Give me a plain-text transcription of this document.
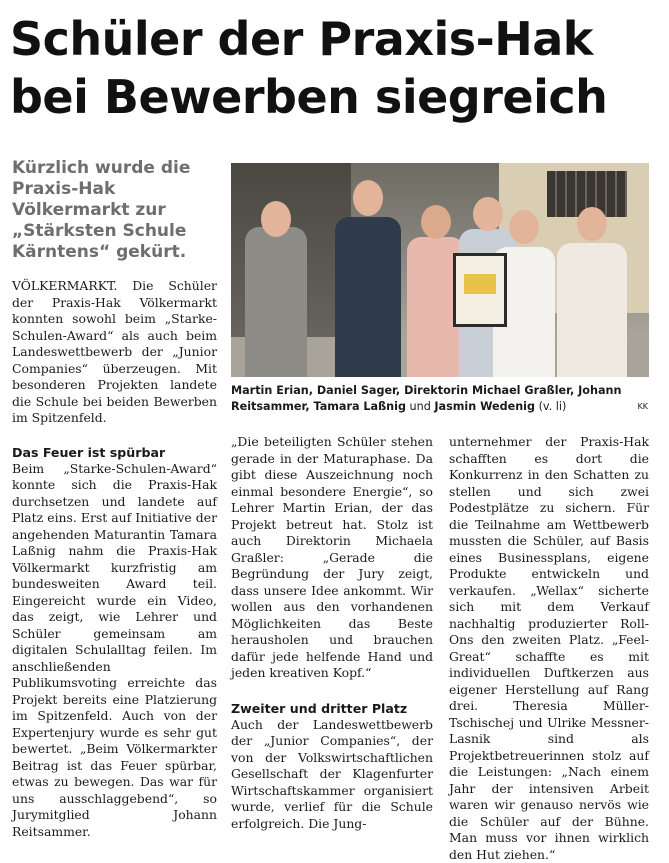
Schüler der Praxis-Hak bei Bewerben siegreich

Kürzlich wurde die Praxis-Hak Völkermarkt zur „Stärksten Schule Kärntens“ gekürt.

VÖLKERMARKT. Die Schüler der Praxis-Hak Völkermarkt konnten sowohl beim „Starke-Schulen-Award“ als auch beim Landeswettbewerb der „Junior Companies“ überzeugen. Mit besonderen Projekten landete die Schule bei beiden Bewerben im Spitzenfeld.

Das Feuer ist spürbar

Beim „Starke-Schulen-Award“ konnte sich die Praxis-Hak durchsetzen und landete auf Platz eins. Erst auf Initiative der angehenden Maturantin Tamara Laßnig nahm die Praxis-Hak Völkermarkt kurzfristig am bundesweiten Award teil. Eingereicht wurde ein Video, das zeigt, wie Lehrer und Schüler gemeinsam am digitalen Schulalltag feilen. Im anschließenden Publikumsvoting erreichte das Projekt bereits eine Platzierung im Spitzenfeld. Auch von der Expertenjury wurde es sehr gut bewertet. „Beim Völkermarkter Beitrag ist das Feuer spürbar, etwas zu bewegen. Das war für uns ausschlaggebend“, so Jurymitglied Johann Reitsammer.

Martin Erian, Daniel Sager, Direktorin Michael Graßler, Johann Reitsammer, Tamara Laßnig und Jasmin Wedenig (v. li)	KK

„Die beteiligten Schüler stehen gerade in der Maturaphase. Da gibt diese Auszeichnung noch einmal besondere Energie“, so Lehrer Martin Erian, der das Projekt betreut hat. Stolz ist auch Direktorin Michaela Graßler: „Gerade die Begründung der Jury zeigt, dass unsere Idee ankommt. Wir wollen aus den vorhandenen Möglichkeiten das Beste herausholen und brauchen dafür jede helfende Hand und jeden kreativen Kopf.“

Zweiter und dritter Platz

Auch der Landeswettbewerb der „Junior Companies“, der von der Volkswirtschaftlichen Gesellschaft der Klagenfurter Wirtschaftskammer organisiert wurde, verlief für die Schule erfolgreich. Die Jung-

unternehmer der Praxis-Hak schafften es dort die Konkurrenz in den Schatten zu stellen und sich zwei Podestplätze zu sichern. Für die Teilnahme am Wettbewerb mussten die Schüler, auf Basis eines Businessplans, eigene Produkte entwickeln und verkaufen. „Wellax“ sicherte sich mit dem Verkauf nachhaltig produzierter Roll-Ons den zweiten Platz. „Feel-Great“ schaffte es mit individuellen Duftkerzen aus eigener Herstellung auf Rang drei. Theresia Müller-Tschischej und Ulrike Messner-Lasnik sind als Projektbetreuerinnen stolz auf die Leistungen: „Nach einem Jahr der intensiven Arbeit waren wir genauso nervös wie die Schüler auf der Bühne. Man muss vor ihnen wirklich den Hut ziehen.“
